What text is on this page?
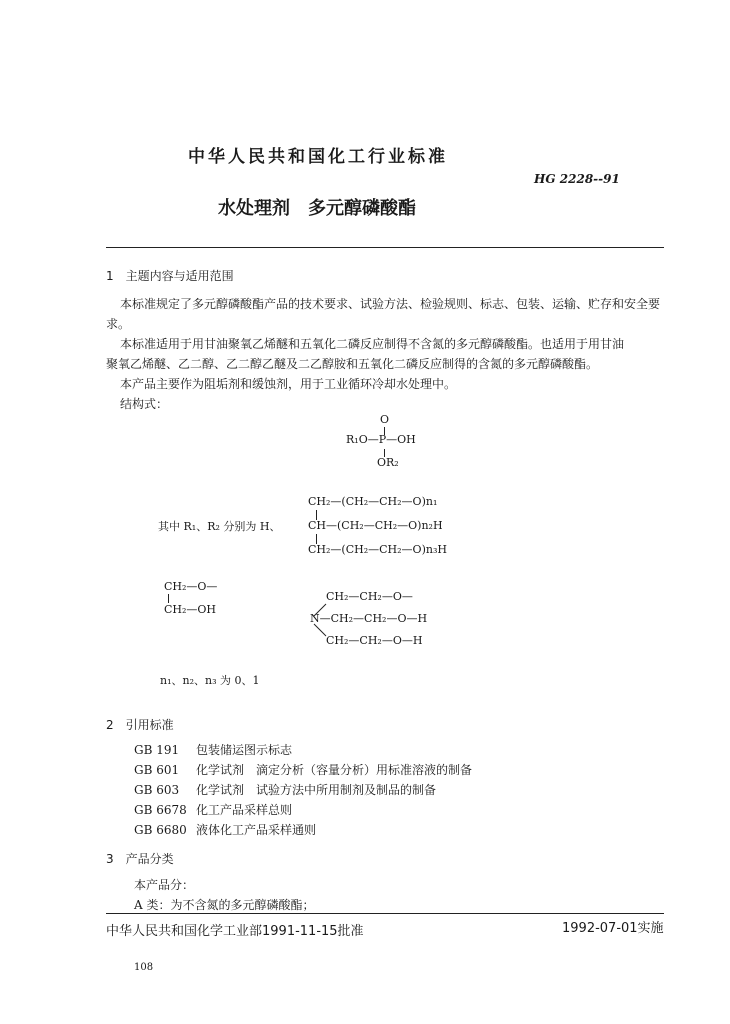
中华人民共和国化工行业标准
HG 2228--91
水处理剂　多元醇磷酸酯
1　主题内容与适用范围
本标准规定了多元醇磷酸酯产品的技术要求、试验方法、检验规则、标志、包装、运输、贮存和安全要
求。
本标准适用于用甘油聚氧乙烯醚和五氧化二磷反应制得不含氮的多元醇磷酸酯。也适用于用甘油
聚氧乙烯醚、乙二醇、乙二醇乙醚及二乙醇胺和五氧化二磷反应制得的含氮的多元醇磷酸酯。
本产品主要作为阻垢剂和缓蚀剂，用于工业循环冷却水处理中。
结构式：
O
R₁O—P—OH
OR₂
CH₂—(CH₂—CH₂—O)n₁
其中 R₁、R₂ 分别为 H、	CH—(CH₂—CH₂—O)n₂H
CH₂—(CH₂—CH₂—O)n₃H
CH₂—O—
CH₂—OH
CH₂—CH₂—O—
N—CH₂—CH₂—O—H
CH₂—CH₂—O—H
n₁、n₂、n₃ 为 0、1
2　引用标准
GB 191 包装储运图示标志
GB 601 化学试剂　滴定分析（容量分析）用标准溶液的制备
GB 603 化学试剂　试验方法中所用制剂及制品的制备
GB 6678 化工产品采样总则
GB 6680 液体化工产品采样通则
3　产品分类
本产品分：
A 类：为不含氮的多元醇磷酸酯；
中华人民共和国化学工业部1991-11-15批准	1992-07-01实施
108
